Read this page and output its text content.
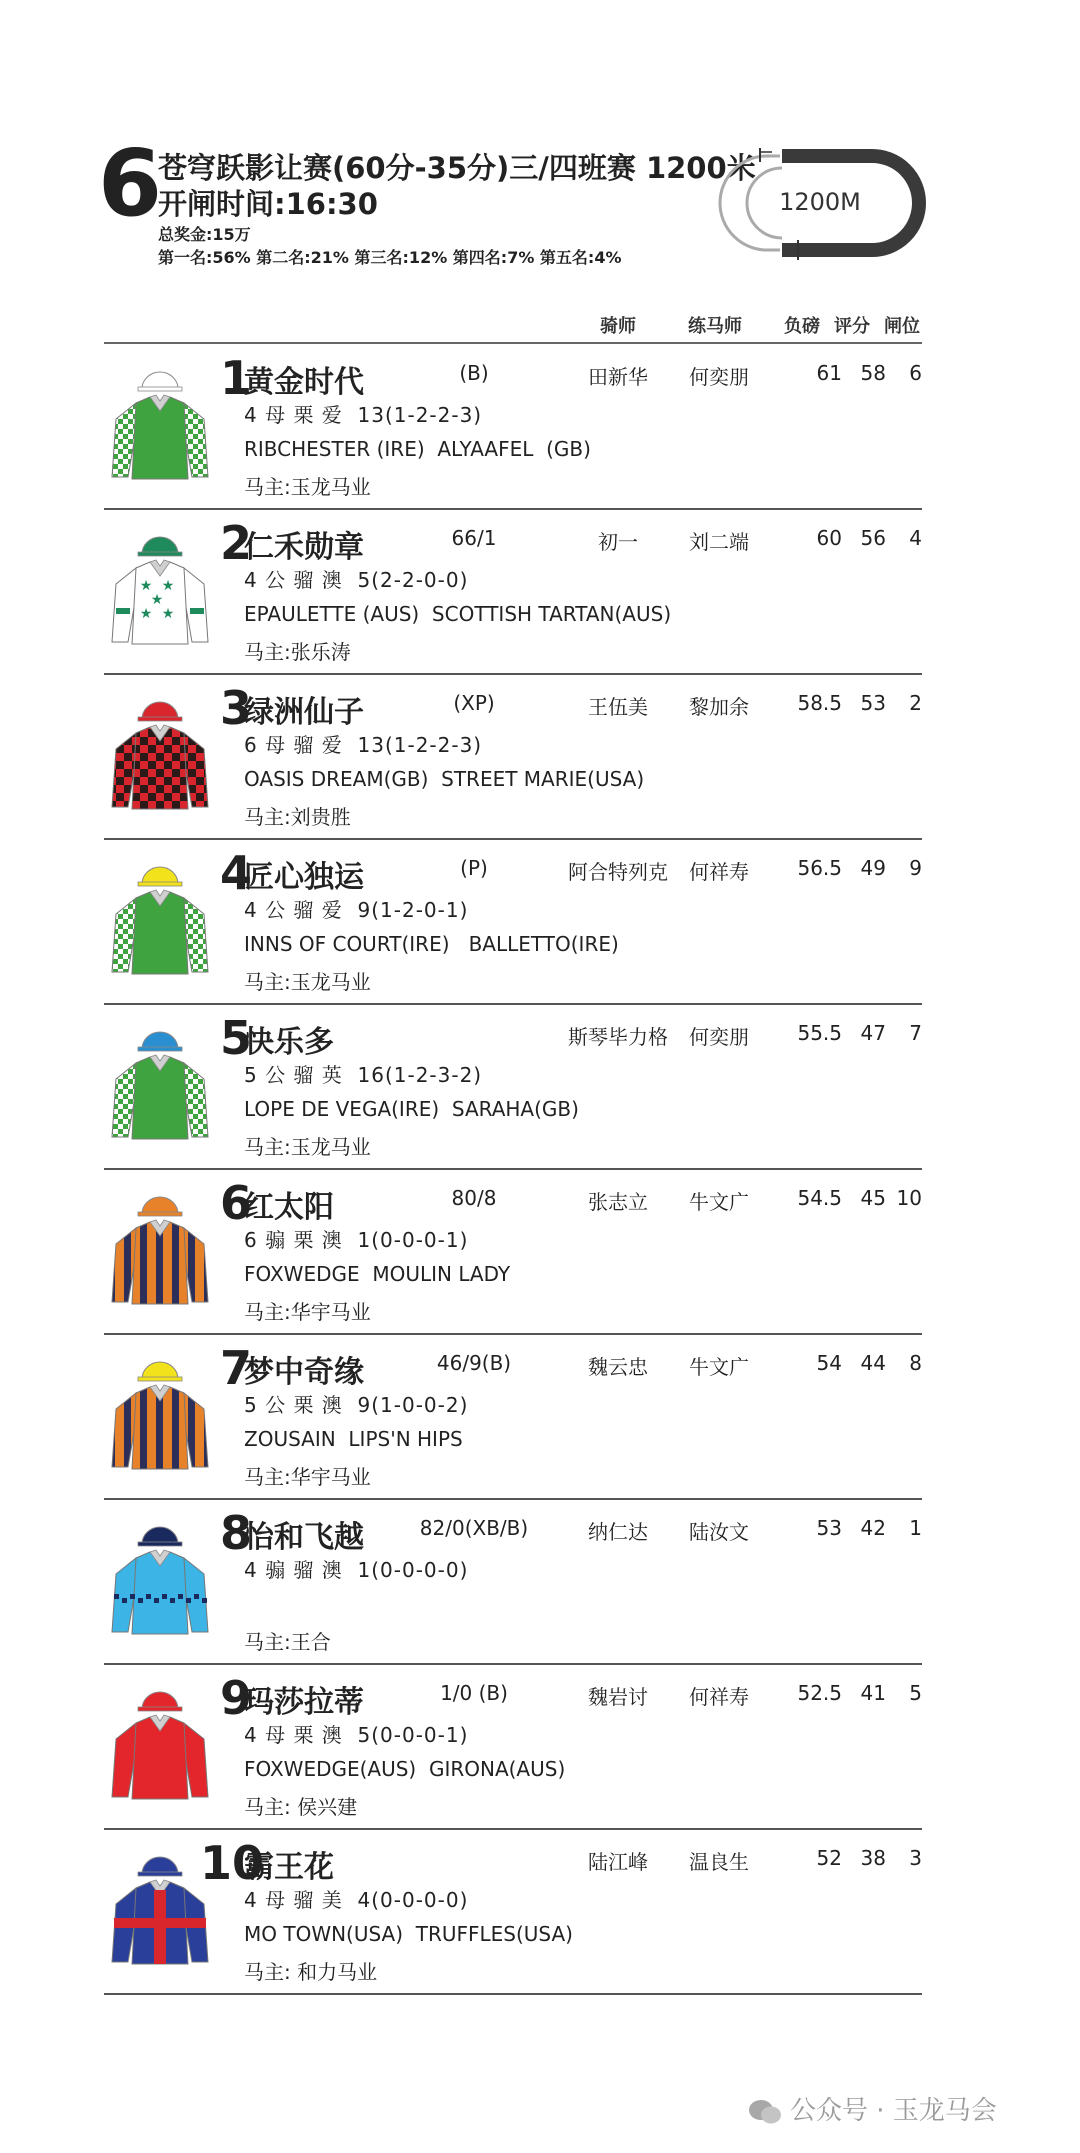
6
苍穹跃影让赛(60分-35分)三/四班赛 1200米
开闸时间:16:30
总奖金:15万
第一名:56% 第二名:21% 第三名:12% 第四名:7% 第五名:4%
1200M
骑师	练马师 负磅 评分 闸位
1
黄金时代	(B)
4 母 栗 爱  13(1-2-2-3)
RIBCHESTER (IRE)  ALYAAFEL  (GB)
马主:玉龙马业
田新华	何奕朋	61 58	6
★ ★
★
★ ★
2
仁禾勋章	66/1
4 公 骝 澳  5(2-2-0-0)
EPAULETTE (AUS)  SCOTTISH TARTAN(AUS)
马主:张乐涛
初一	刘二端	60 56	4
3
绿洲仙子	(XP)
6 母 骝 爱  13(1-2-2-3)
OASIS DREAM(GB)  STREET MARIE(USA)
马主:刘贵胜
王伍美	黎加余	58.5 53	2
4
匠心独运	(P)
4 公 骝 爱  9(1-2-0-1)
INNS OF COURT(IRE)   BALLETTO(IRE)
马主:玉龙马业
阿合特列克	何祥寿	56.5 49	9
5
快乐多
5 公 骝 英  16(1-2-3-2)
LOPE DE VEGA(IRE)  SARAHA(GB)
马主:玉龙马业
斯琴毕力格	何奕朋	55.5 47	7
6
红太阳	80/8
6 骟 栗 澳  1(0-0-0-1)
FOXWEDGE  MOULIN LADY
马主:华宇马业
张志立	牛文广	54.5 45 10
7
梦中奇缘	46/9(B)
5 公 栗 澳  9(1-0-0-2)
ZOUSAIN  LIPS'N HIPS
马主:华宇马业
魏云忠	牛文广	54 44	8
8
怡和飞越	82/0(XB/B)
4 骟 骝 澳  1(0-0-0-0)
马主:王合
纳仁达	陆汝文	53 42	1
9
玛莎拉蒂	1/0 (B)
4 母 栗 澳  5(0-0-0-1)
FOXWEDGE(AUS)  GIRONA(AUS)
马主: 侯兴建
魏岩讨	何祥寿	52.5 41	5
10
霸王花
4 母 骝 美  4(0-0-0-0)
MO TOWN(USA)  TRUFFLES(USA)
马主: 和力马业
陆江峰	温良生	52 38	3
公众号 · 玉龙马会
